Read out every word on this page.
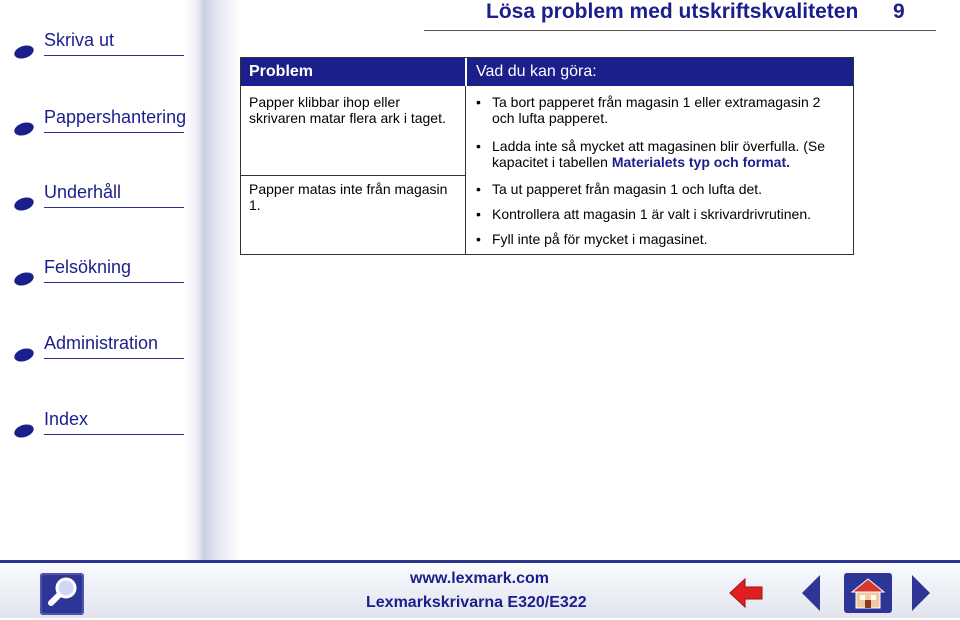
Skriva ut
Pappershantering
Underhåll
Felsökning
Administration
Index
Lösa problem med utskriftskvaliteten 9
Problem	Vad du kan göra:
Papper klibbar ihop eller skrivaren matar flera ark i taget.
Papper matas inte från magasin 1.
• Ta bort papperet från magasin 1 eller extramagasin 2 och lufta papperet.
• Ladda inte så mycket att magasinen blir överfulla. (Se kapacitet i tabellen Materialets typ och format.
• Ta ut papperet från magasin 1 och lufta det.
• Kontrollera att magasin 1 är valt i skrivardrivrutinen.
• Fyll inte på för mycket i magasinet.
www.lexmark.com
Lexmarkskrivarna E320/E322
